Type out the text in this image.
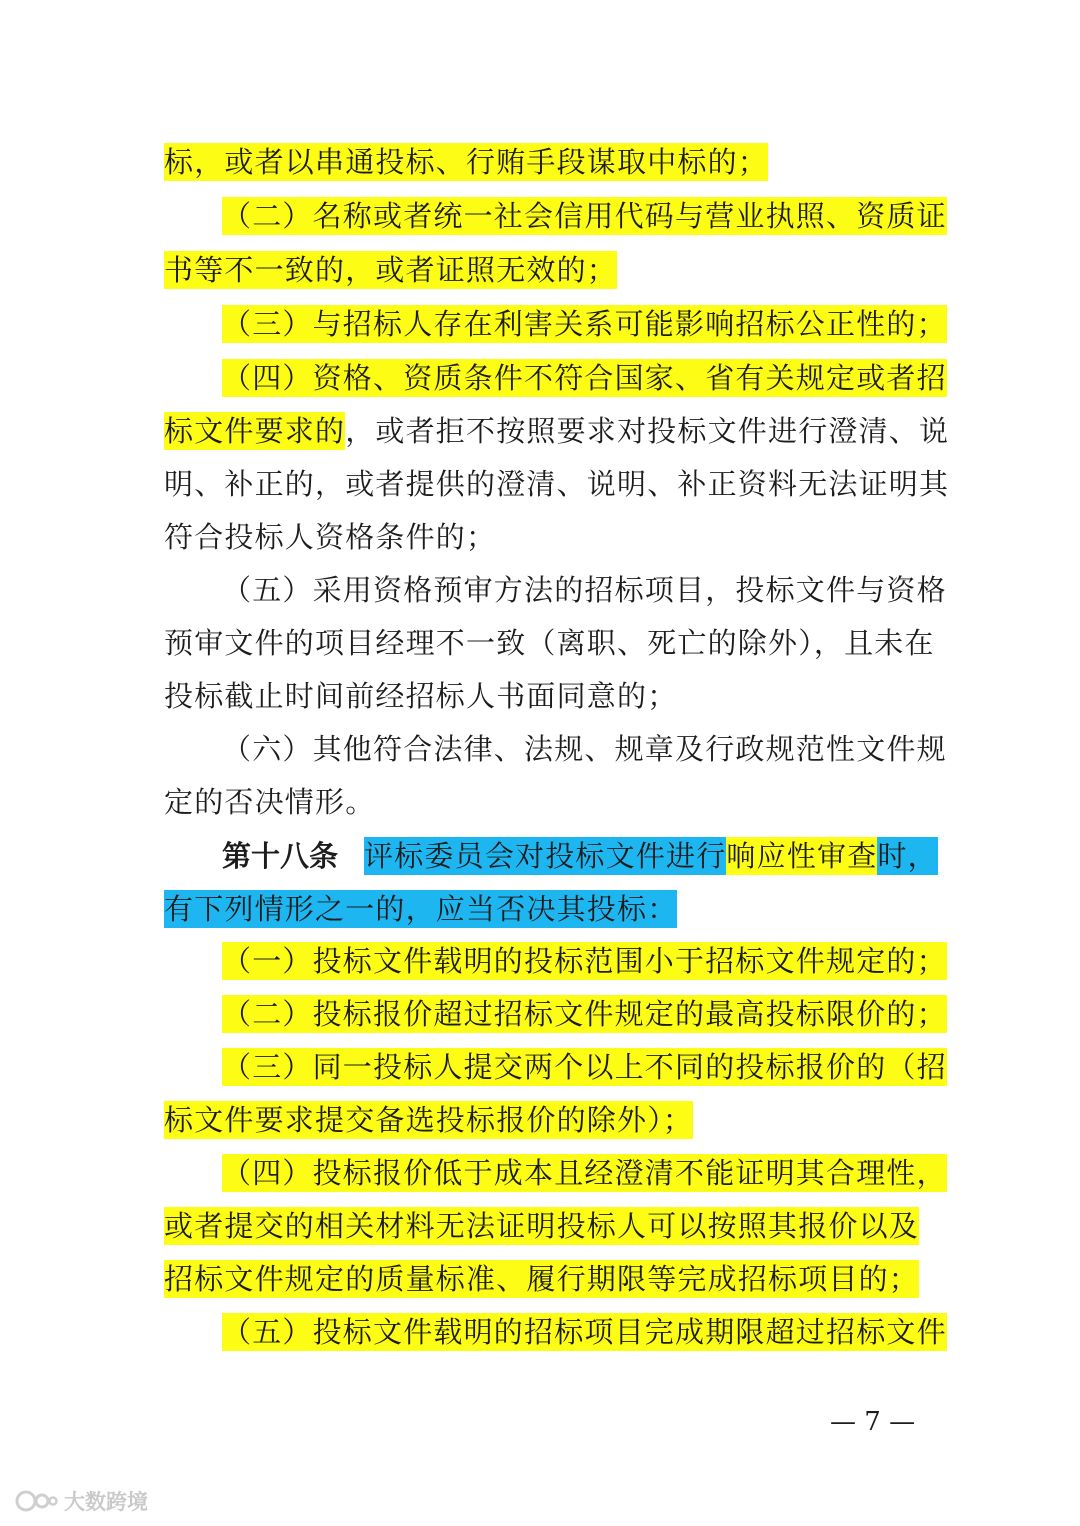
标，或者以串通投标、行贿手段谋取中标的；
（二）名称或者统一社会信用代码与营业执照、资质证
书等不一致的，或者证照无效的；
（三）与招标人存在利害关系可能影响招标公正性的；
（四）资格、资质条件不符合国家、省有关规定或者招
标文件要求的，或者拒不按照要求对投标文件进行澄清、说
明、补正的，或者提供的澄清、说明、补正资料无法证明其
符合投标人资格条件的；
（五）采用资格预审方法的招标项目，投标文件与资格
预审文件的项目经理不一致（离职、死亡的除外），且未在
投标截止时间前经招标人书面同意的；
（六）其他符合法律、法规、规章及行政规范性文件规
定的否决情形。
第十八条 评标委员会对投标文件进行响应性审查时，
有下列情形之一的，应当否决其投标：
（一）投标文件载明的投标范围小于招标文件规定的；
（二）投标报价超过招标文件规定的最高投标限价的；
（三）同一投标人提交两个以上不同的投标报价的（招
标文件要求提交备选投标报价的除外）；
（四）投标报价低于成本且经澄清不能证明其合理性，
或者提交的相关材料无法证明投标人可以按照其报价以及
招标文件规定的质量标准、履行期限等完成招标项目的；
（五）投标文件载明的招标项目完成期限超过招标文件
— 7 —
大数跨境
